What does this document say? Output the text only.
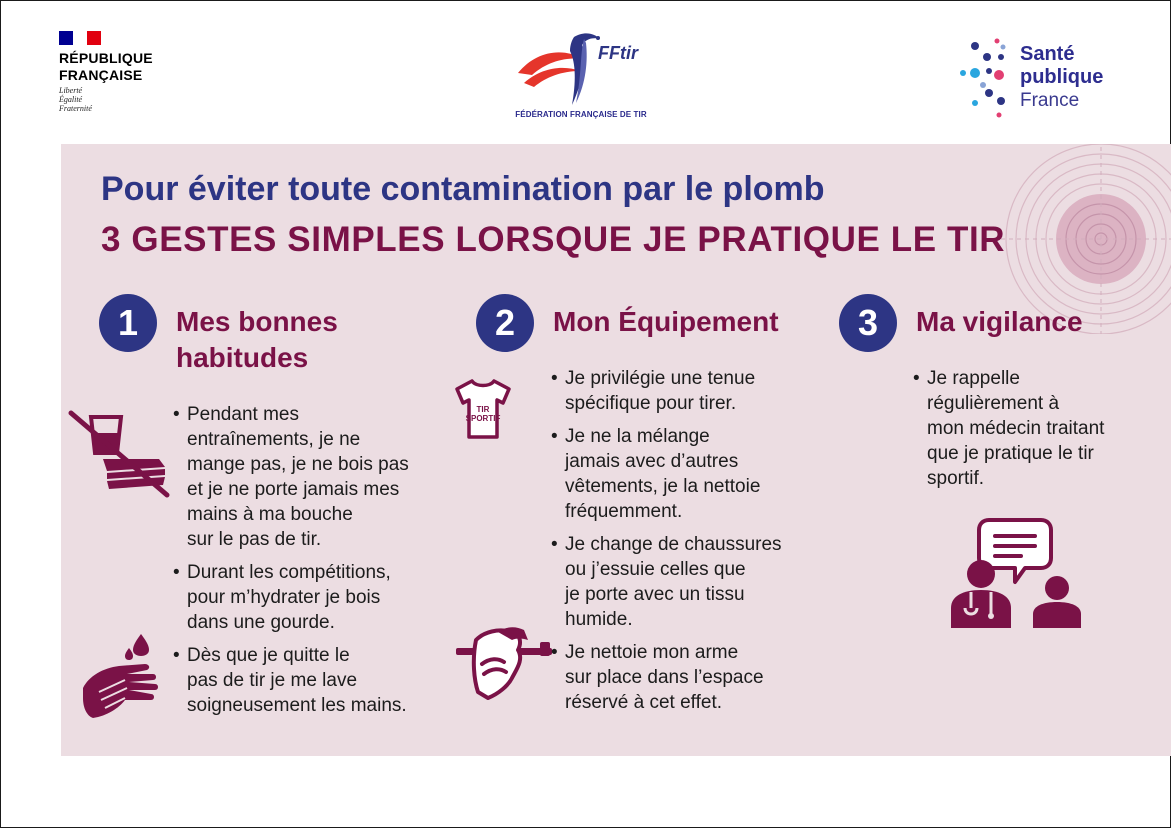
RÉPUBLIQUE
FRANÇAISE
Liberté
Égalité
Fraternité
FFtir
FÉDÉRATION FRANÇAISE DE TIR
Santé
publique
France
Pour éviter toute contamination par le plomb
3 GESTES SIMPLES LORSQUE JE PRATIQUE LE TIR
1	Mes bonnes
habitudes
• Pendant mes
entraînements, je ne
mange pas, je ne bois pas
et je ne porte jamais mes
mains à ma bouche
sur le pas de tir.
• Durant les compétitions,
pour m’hydrater je bois
dans une gourde.
• Dès que je quitte le
pas de tir je me lave
soigneusement les mains.
2	Mon Équipement
TIR
SPORTIF
• Je privilégie une tenue
spécifique pour tirer.
• Je ne la mélange
jamais avec d’autres
vêtements, je la nettoie
fréquemment.
• Je change de chaussures
ou j’essuie celles que
je porte avec un tissu
humide.
• Je nettoie mon arme
sur place dans l’espace
réservé à cet effet.
3	Ma vigilance
• Je rappelle
régulièrement à
mon médecin traitant
que je pratique le tir
sportif.
